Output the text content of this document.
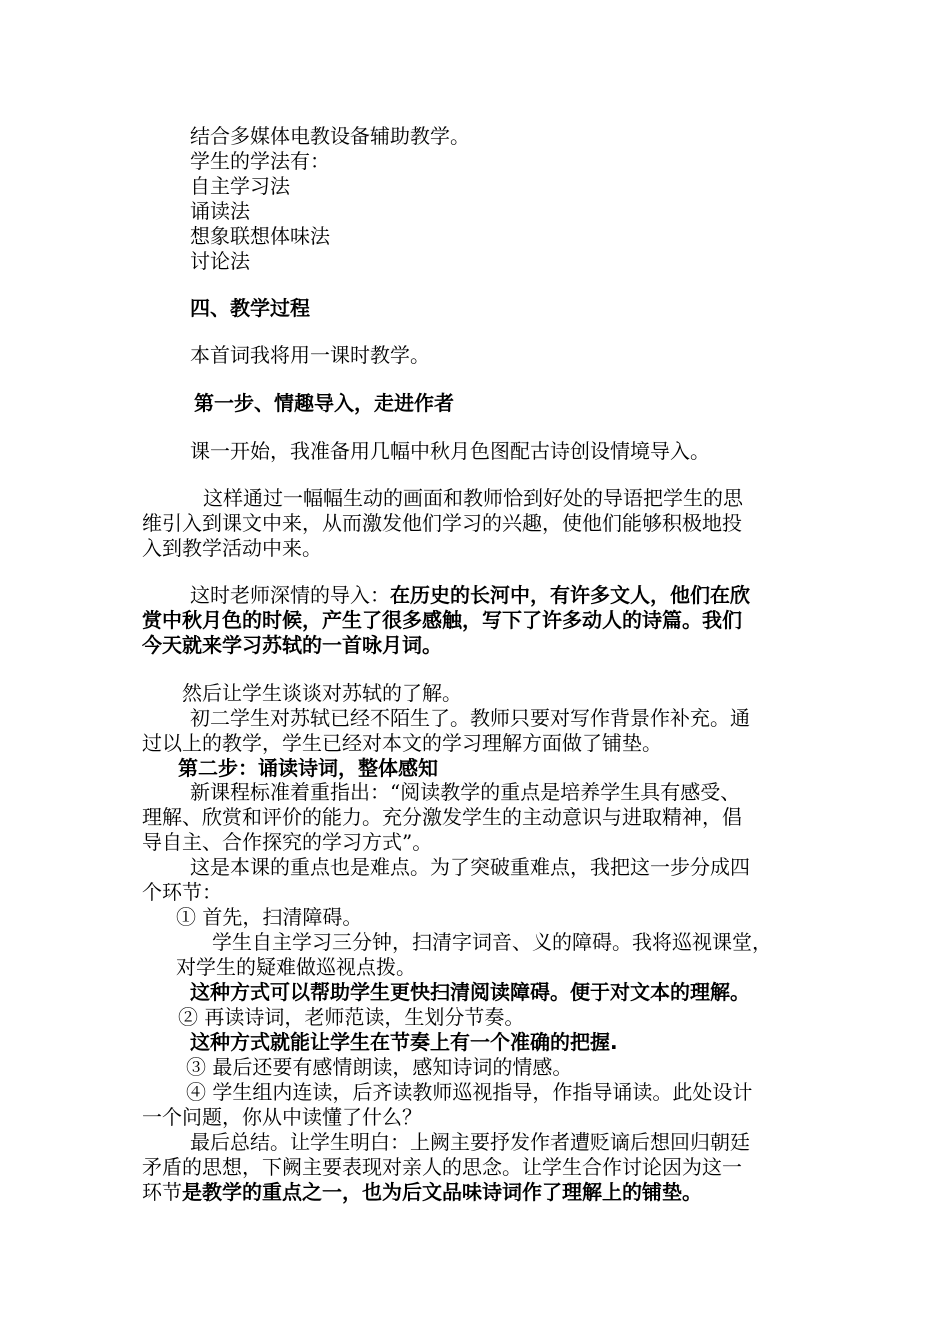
结合多媒体电教设备辅助教学。
学生的学法有：
自主学习法
诵读法
想象联想体味法
讨论法
四、教学过程
本首词我将用一课时教学。
第一步、情趣导入，走进作者
课一开始，我准备用几幅中秋月色图配古诗创设情境导入。
这样通过一幅幅生动的画面和教师恰到好处的导语把学生的思
维引入到课文中来，从而激发他们学习的兴趣，使他们能够积极地投
入到教学活动中来。
这时老师深情的导入：在历史的长河中，有许多文人，他们在欣
赏中秋月色的时候，产生了很多感触，写下了许多动人的诗篇。我们
今天就来学习苏轼的一首咏月词。
然后让学生谈谈对苏轼的了解。
初二学生对苏轼已经不陌生了。教师只要对写作背景作补充。通
过以上的教学，学生已经对本文的学习理解方面做了铺垫。
第二步：诵读诗词，整体感知
新课程标准着重指出：“阅读教学的重点是培养学生具有感受、
理解、欣赏和评价的能力。充分激发学生的主动意识与进取精神，倡
导自主、合作探究的学习方式”。
这是本课的重点也是难点。为了突破重难点，我把这一步分成四
个环节：
① 首先，扫清障碍。
学生自主学习三分钟，扫清字词音、义的障碍。我将巡视课堂，
对学生的疑难做巡视点拨。
这种方式可以帮助学生更快扫清阅读障碍。便于对文本的理解。
② 再读诗词，老师范读，生划分节奏。
这种方式就能让学生在节奏上有一个准确的把握.
③ 最后还要有感情朗读，感知诗词的情感。
④ 学生组内连读，后齐读教师巡视指导，作指导诵读。此处设计
一个问题，你从中读懂了什么？
最后总结。让学生明白：上阙主要抒发作者遭贬谪后想回归朝廷
矛盾的思想，下阙主要表现对亲人的思念。让学生合作讨论因为这一
环节是教学的重点之一，也为后文品味诗词作了理解上的铺垫。
